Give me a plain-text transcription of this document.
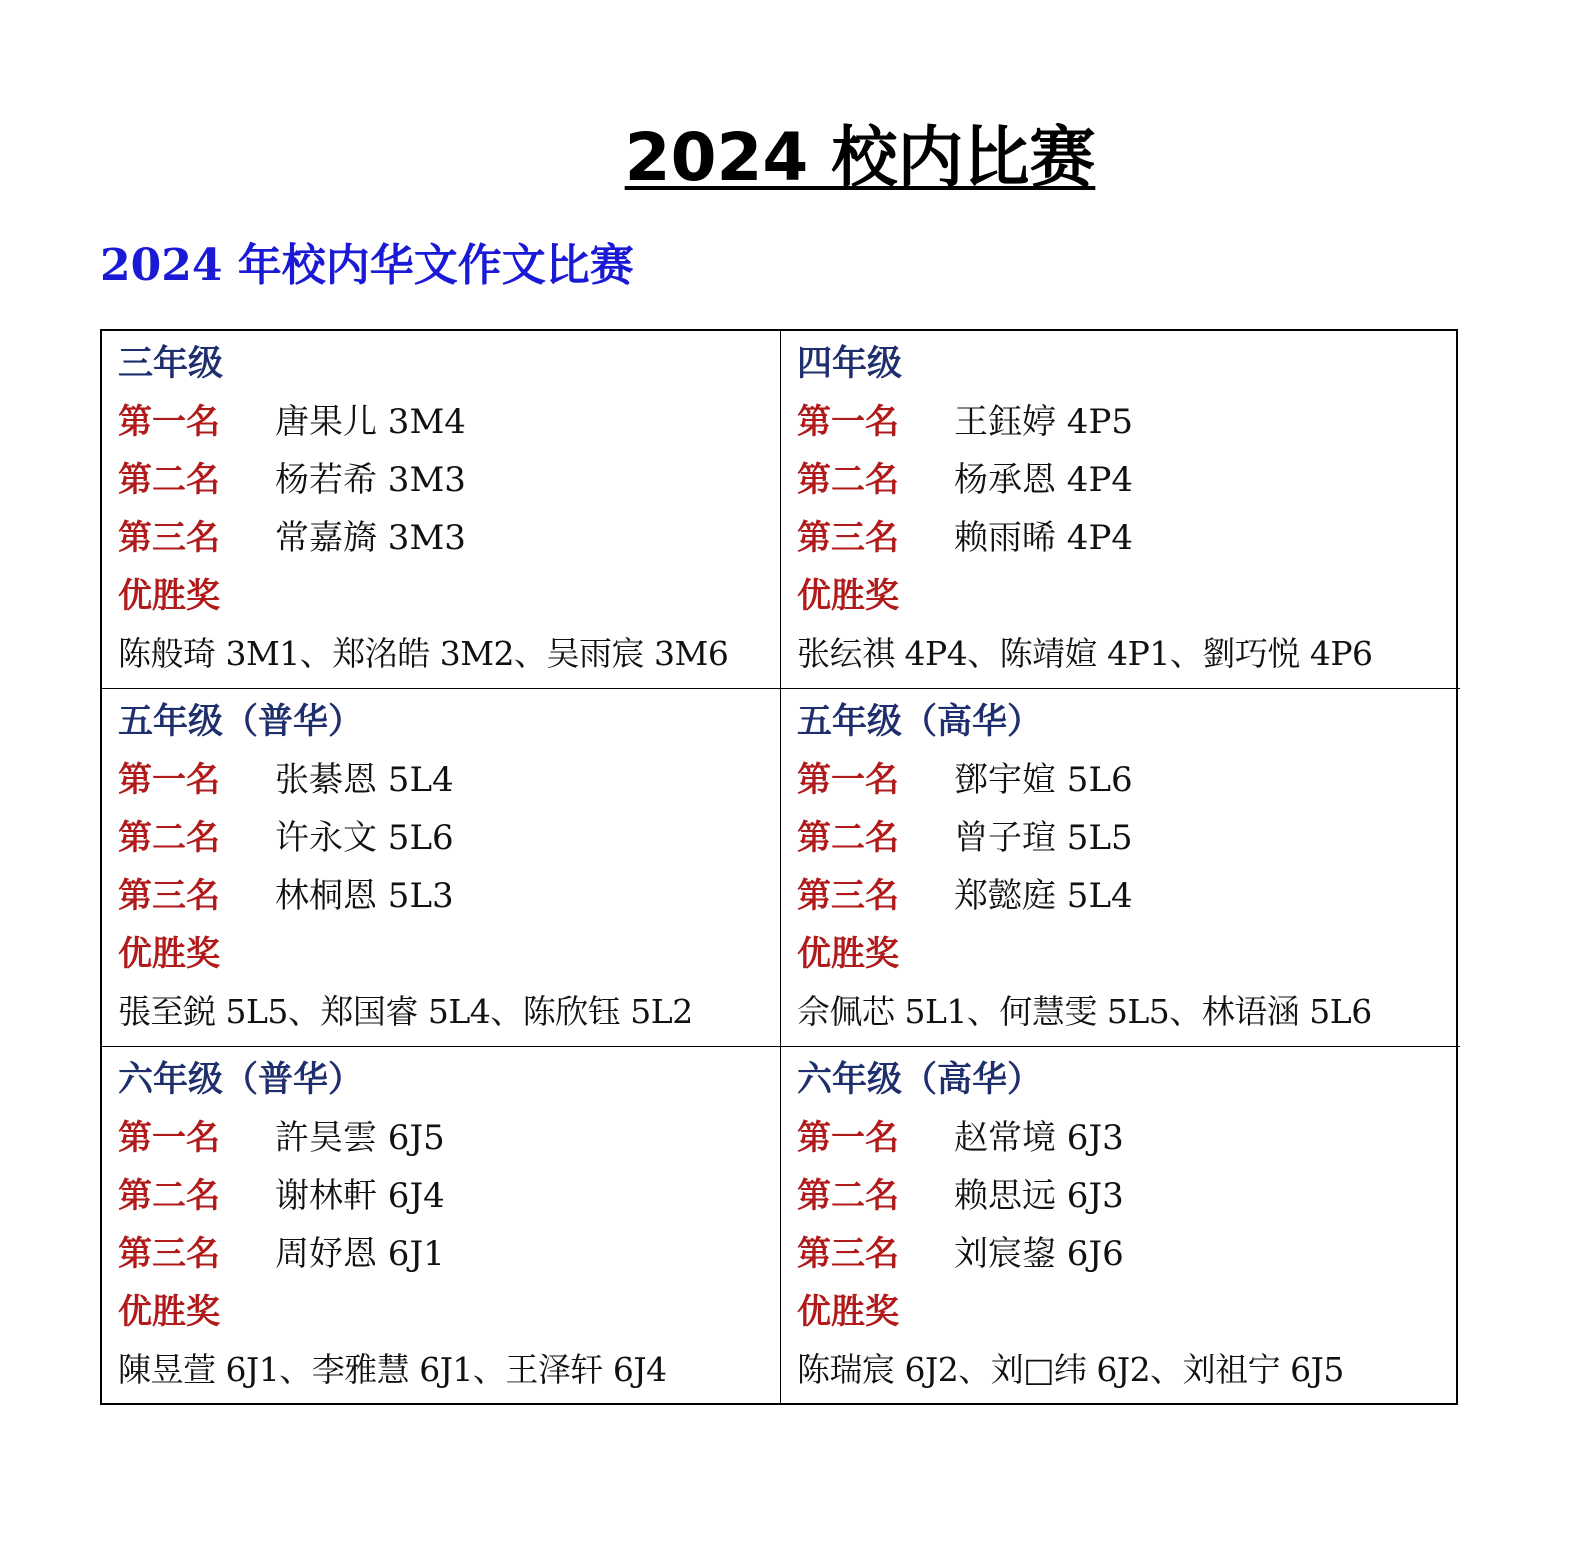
2024 校内比赛
2024 年校内华文作文比赛
三年级
第一名 唐果儿 3M4
第二名 杨若希 3M3
第三名 常嘉旖 3M3
优胜奖
陈般琦 3M1、郑洺皓 3M2、吴雨宸 3M6
四年级
第一名 王鈺婷 4P5
第二名 杨承恩 4P4
第三名 赖雨晞 4P4
优胜奖
张纭祺 4P4、陈靖媗 4P1、劉巧悦 4P6
五年级（普华）
第一名 张綦恩 5L4
第二名 许永文 5L6
第三名 林桐恩 5L3
优胜奖
張至鋭 5L5、郑国睿 5L4、陈欣钰 5L2
五年级（高华）
第一名 鄧宇媗 5L6
第二名 曾子瑄 5L5
第三名 郑懿庭 5L4
优胜奖
佘佩芯 5L1、何慧雯 5L5、林语涵 5L6
六年级（普华）
第一名 許昊雲 6J5
第二名 谢林軒 6J4
第三名 周妤恩 6J1
优胜奖
陳昱萱 6J1、李雅慧 6J1、王泽轩 6J4
六年级（高华）
第一名 赵常境 6J3
第二名 赖思远 6J3
第三名 刘宸鋆 6J6
优胜奖
陈瑞宸 6J2、刘□纬 6J2、刘祖宁 6J5
